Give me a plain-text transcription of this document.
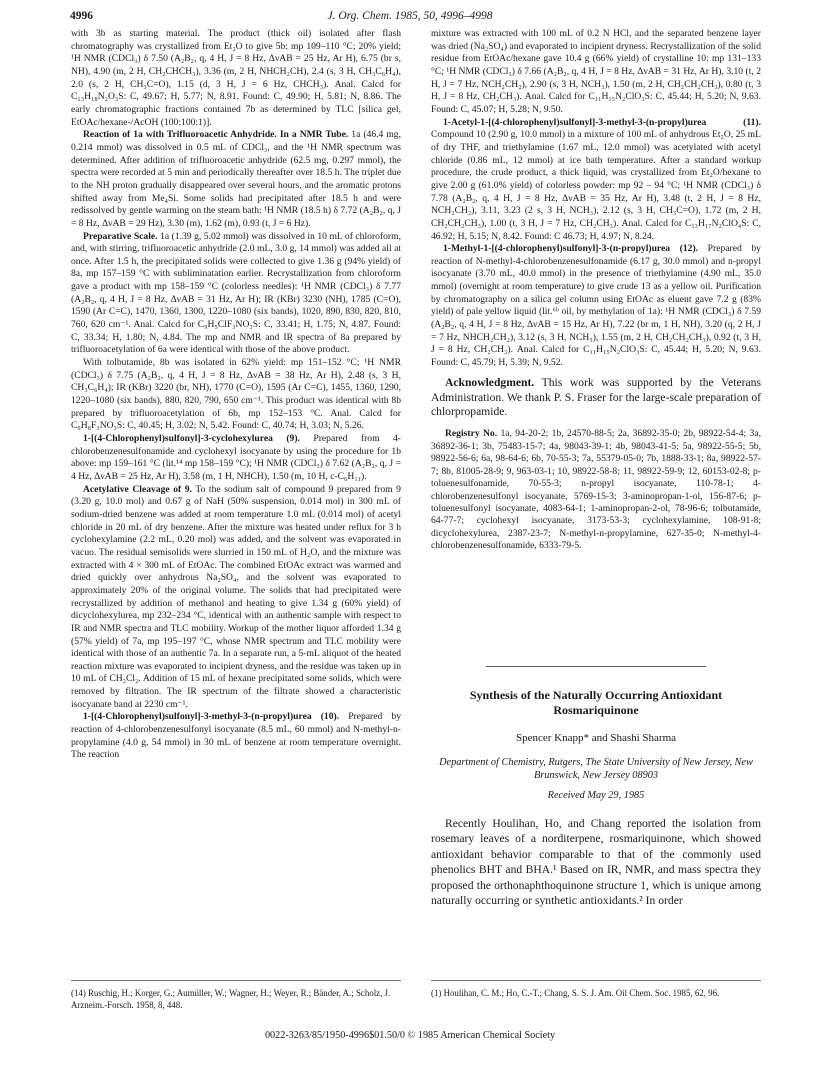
4996	J. Org. Chem. 1985, 50, 4996–4998

with 3b as starting material. The product (thick oil) isolated after flash chromatography was crystallized from Et₂O to give 5b: mp 109–110 °C; 20% yield; ¹H NMR (CDCl₃) δ 7.50 (A₂B₂, q, 4 H, J = 8 Hz, ΔνAB = 25 Hz, Ar H), 6.75 (br s, NH), 4.90 (m, 2 H, CH₂CHCH₃), 3.36 (m, 2 H, NHCH₂CH), 2.4 (s, 3 H, CH₃C₆H₄), 2.0 (s, 2 H, CH₃C=O), 1.15 (d, 3 H, J = 6 Hz, CHCH₃). Anal. Calcd for C₁₃H₁₈N₂O₃S: C, 49.67; H, 5.77; N, 8.91. Found: C, 49.90; H, 5.81; N, 8.86. The early chromatographic fractions contained 7b as determined by TLC [silica gel, EtOAc/hexane-/AcOH (100:100:1)].

Reaction of 1a with Trifluoroacetic Anhydride. In a NMR Tube. 1a (46.4 mg, 0.214 mmol) was dissolved in 0.5 mL of CDCl₃, and the ¹H NMR spectrum was determined. After addition of trifluoroacetic anhydride (62.5 mg, 0.297 mmol), the spectra were recorded at 5 min and periodically thereafter over 18.5 h. The triplet due to the NH proton gradually disappeared over several hours, and the aromatic protons shifted away from Me₄Si. Some solids had precipitated after 18.5 h and were redissolved by gentle warming on the steam bath: ¹H NMR (18.5 h) δ 7.72 (A₂B₂, q, J = 8 Hz, ΔνAB = 29 Hz), 3.30 (m), 1.62 (m), 0.93 (t, J = 6 Hz).

Preparative Scale. 1a (1.39 g, 5.02 mmol) was dissolved in 10 mL of chloroform, and, with stirring, trifluoroacetic anhydride (2.0 mL, 3.0 g, 14 mmol) was added all at once. After 1.5 h, the precipitated solids were collected to give 1.36 g (94% yield) of 8a, mp 157–159 °C with subliminatation earlier. Recrystallization from chloroform gave a product with mp 158–159 °C (colorless needles): ¹H NMR (CDCl₃) δ 7.77 (A₂B₂, q, 4 H, J = 8 Hz, ΔνAB = 31 Hz, Ar H); IR (KBr) 3230 (NH), 1785 (C=O), 1590 (Ar C=C), 1470, 1360, 1300, 1220–1080 (six bands), 1020, 890, 830, 820, 810, 760, 620 cm⁻¹. Anal. Calcd for C₉H₅ClF₃NO₃S: C, 33.41; H, 1.75; N, 4.87. Found: C, 33.34; H, 1.80; N, 4.84. The mp and NMR and IR spectra of 8a prepared by trifluoroacetylation of 6a were identical with those of the above product.

With tolbutamide, 8b was isolated in 62% yield: mp 151–152 °C; ¹H NMR (CDCl₃) δ 7.75 (A₂B₂, q, 4 H, J = 8 Hz, ΔνAB = 38 Hz, Ar H), 2.48 (s, 3 H, CH₃C₆H₄); IR (KBr) 3220 (br, NH), 1770 (C=O), 1595 (Ar C=C), 1455, 1360, 1290, 1220–1080 (six bands), 880, 820, 790, 650 cm⁻¹. This product was identical with 8b prepared by trifluoroacetylation of 6b, mp 152–153 °C. Anal. Calcd for C₉H₈F₃NO₃S: C, 40.45; H, 3.02; N, 5.42. Found: C, 40.74; H, 3.03; N, 5.26.

1-[(4-Chlorophenyl)sulfonyl]-3-cyclohexylurea (9). Prepared from 4-chlorobenzenesulfonamide and cyclohexyl isocyanate by using the procedure for 1b above: mp 159–161 °C (lit.¹⁴ mp 158–159 °C); ¹H NMR (CDCl₃) δ 7.62 (A₂B₂, q, J = 4 Hz, ΔνAB = 25 Hz, Ar H), 3.58 (m, 1 H, NHCH), 1.50 (m, 10 H, c-C₆H₁₁).

Acetylative Cleavage of 9. To the sodium salt of compound 9 prepared from 9 (3.20 g, 10.0 mol) and 0.67 g of NaH (50% suspension, 0.014 mol) in 300 mL of sodium-dried benzene was added at room temperature 1.0 mL (0.014 mol) of acetyl chloride in 20 mL of dry benzene. After the mixture was heated under reflux for 3 h cyclohexylamine (2.2 mL, 0.20 mol) was added, and the solvent was evaporated in vacuo. The residual semisolids were slurried in 150 mL of H₂O, and the mixture was extracted with 4 × 300 mL of EtOAc. The combined EtOAc extract was warmed and dried quickly over anhydrous Na₂SO₄, and the solvent was evaporated to approximately 20% of the original volume. The solids that had precipitated were recrystallized by addition of methanol and heating to give 1.34 g (60% yield) of dicyclohexylurea, mp 232–234 °C, identical with an authentic sample with respect to IR and NMR spectra and TLC mobility. Workup of the mother liquor afforded 1.34 g (57% yield) of 7a, mp 195–197 °C, whose NMR spectrum and TLC mobility were identical with those of an authentic 7a. In a separate run, a 5-mL aliquot of the heated reaction mixture was evaporated to incipient dryness, and the residue was taken up in 10 mL of CH₂Cl₂. Addition of 15 mL of hexane precipitated some solids, which were removed by filtration. The IR spectrum of the filtrate showed a characteristic isocyanate band at 2230 cm⁻¹.

1-[(4-Chlorophenyl)sulfonyl]-3-methyl-3-(n-propyl)urea (10). Prepared by reaction of 4-chlorobenzenesulfonyl isocyanate (8.5 mL, 60 mmol) and N-methyl-n-propylamine (4.0 g, 54 mmol) in 30 mL of benzene at room temperature overnight. The reaction

mixture was extracted with 100 mL of 0.2 N HCl, and the separated benzene layer was dried (Na₂SO₄) and evaporated to incipient dryness. Recrystallization of the solid residue from EtOAc/hexane gave 10.4 g (66% yield) of crystalline 10: mp 131–133 °C; ¹H NMR (CDCl₃) δ 7.66 (A₂B₂, q, 4 H, J = 8 Hz, ΔνAB = 31 Hz, Ar H), 3.10 (t, 2 H, J = 7 Hz, NCH₂CH₂), 2.90 (s, 3 H, NCH₃), 1.50 (m, 2 H, CH₂CH₂CH₃), 0.80 (t, 3 H, J = 8 Hz, CH₂CH₃). Anal. Calcd for C₁₁H₁₅N₂ClO₃S: C, 45.44; H, 5.20; N, 9.63. Found: C, 45.07; H, 5.28; N, 9.50.

1-Acetyl-1-[(4-chlorophenyl)sulfonyl]-3-methyl-3-(n-propyl)urea (11). Compound 10 (2.90 g, 10.0 mmol) in a mixture of 100 mL of anhydrous Et₂O, 25 mL of dry THF, and triethylamine (1.67 mL, 12.0 mmol) was acetylated with acetyl chloride (0.86 mL, 12 mmol) at ice bath temperature. After a standard workup procedure, the crude product, a thick liquid, was crystallized from Et₂O/hexane to give 2.00 g (61.0% yield) of colorless powder: mp 92 – 94 °C; ¹H NMR (CDCl₃) δ 7.78 (A₂B₂, q, 4 H, J = 8 Hz, ΔνAB = 35 Hz, Ar H), 3.48 (t, 2 H, J = 8 Hz, NCH₂CH₂), 3.11, 3.23 (2 s, 3 H, NCH₃), 2.12 (s, 3 H, CH₃C=O), 1.72 (m, 2 H, CH₂CH₂CH₃), 1.00 (t, 3 H, J = 7 Hz, CH₂CH₃). Anal. Calcd for C₁₃H₁₇N₂ClO₄S: C, 46.92; H, 5.15; N, 8.42. Found: C 46.73; H, 4.97; N, 8.24.

1-Methyl-1-[(4-chlorophenyl)sulfonyl]-3-(n-propyl)urea (12). Prepared by reaction of N-methyl-4-chlorobenzenesulfonamide (6.17 g, 30.0 mmol) and n-propyl isocyanate (3.70 mL, 40.0 mmol) in the presence of triethylamine (4.90 mL, 35.0 mmol) (overnight at room temperature) to give crude 13 as a yellow oil. Purification by chromatography on a silica gel column using EtOAc as eluent gave 7.2 g (83% yield) of pale yellow liquid (lit.⁶ᵇ oil, by methylation of 1a): ¹H NMR (CDCl₃) δ 7.59 (A₂B₂, q, 4 H, J = 8 Hz, ΔνAB = 15 Hz, Ar H), 7.22 (br m, 1 H, NH), 3.20 (q, 2 H, J = 7 Hz, NHCH₂CH₂), 3.12 (s, 3 H, NCH₃), 1.55 (m, 2 H, CH₂CH₂CH₃), 0.92 (t, 3 H, J = 8 Hz, CH₂CH₃). Anal. Calcd for C₁₁H₁₅N₂ClO₃S: C, 45.44; H, 5.20; N, 9.63. Found: C, 45.79; H, 5.39; N, 9.52.

Acknowledgment. This work was supported by the Veterans Administration. We thank P. S. Fraser for the large-scale preparation of chlorpropamide.

Registry No. 1a, 94-20-2; 1b, 24570-88-5; 2a, 36892-35-0; 2b, 98922-54-4; 3a, 36892-36-1; 3b, 75483-15-7; 4a, 98043-39-1; 4b, 98043-41-5; 5a, 98922-55-5; 5b, 98922-56-6; 6a, 98-64-6; 6b, 70-55-3; 7a, 55379-05-0; 7b, 1888-33-1; 8a, 98922-57-7; 8b, 81005-28-9; 9, 963-03-1; 10, 98922-58-8; 11, 98922-59-9; 12, 60153-02-8; p-toluenesulfonamide, 70-55-3; n-propyl isocyanate, 110-78-1; 4-chlorobenzenesulfonyl isocyanate, 5769-15-3; 3-aminopropan-1-ol, 156-87-6; p-toluenesulfonyl isocyanate, 4083-64-1; 1-aminopropan-2-ol, 78-96-6; tolbutamide, 64-77-7; cyclohexyl isocyanate, 3173-53-3; cyclohexylamine, 108-91-8; dicyclohexylurea, 2387-23-7; N-methyl-n-propylamine, 627-35-0; N-methyl-4-chlorobenzenesulfonamide, 6333-79-5.

Synthesis of the Naturally Occurring Antioxidant Rosmariquinone
Spencer Knapp* and Shashi Sharma
Department of Chemistry, Rutgers, The State University of New Jersey, New Brunswick, New Jersey 08903
Received May 29, 1985

Recently Houlihan, Ho, and Chang reported the isolation from rosemary leaves of a norditerpene, rosmariquinone, which showed antioxidant behavior comparable to that of the commonly used phenolics BHT and BHA.¹ Based on IR, NMR, and mass spectra they proposed the orthonaphthoquinone structure 1, which is unique among naturally occurring or synthetic antioxidants.² In order

(14) Ruschig, H.; Korger, G.; Aumüller, W.; Wagner, H.; Weyer, R.; Bänder, A.; Scholz, J. Arzneim.-Forsch. 1958, 8, 448.
(1) Houlihan, C. M.; Ho, C.-T.; Chang, S. S. J. Am. Oil Chem. Soc. 1985, 62, 96.
0022-3263/85/1950-4996$01.50/0 © 1985 American Chemical Society
